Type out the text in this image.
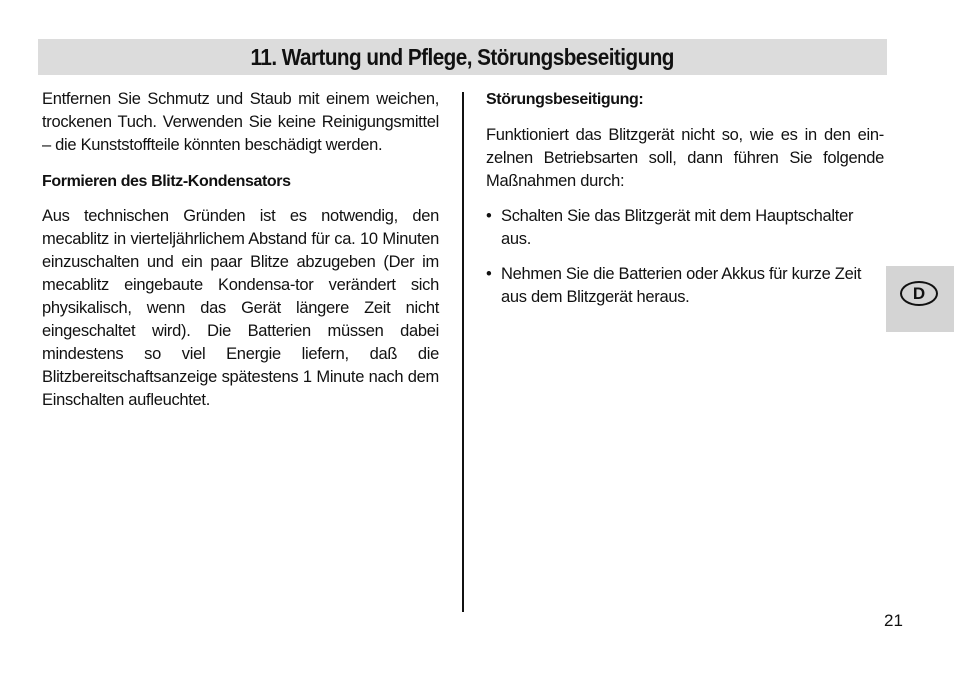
11. Wartung und Pflege, Störungsbeseitigung

Entfernen Sie Schmutz und Staub mit einem weichen, trockenen Tuch. Verwenden Sie keine Reinigungsmittel – die Kunststoffteile könnten beschädigt werden.

Formieren des Blitz-Kondensators

Aus technischen Gründen ist es notwendig, den mecablitz in vierteljährlichem Abstand für ca. 10 Minuten einzuschalten und ein paar Blitze abzugeben (Der im mecablitz eingebaute Kondensa-tor verändert sich physikalisch, wenn das Gerät längere Zeit nicht eingeschaltet wird). Die Batterien müssen dabei mindestens so viel Energie liefern, daß die Blitzbereitschaftsanzeige spätestens 1 Minute nach dem Einschalten aufleuchtet.

Störungsbeseitigung:

Funktioniert das Blitzgerät nicht so, wie es in den ein-zelnen Betriebsarten soll, dann führen Sie folgende Maßnahmen durch:

• Schalten Sie das Blitzgerät mit dem Hauptschalter aus.
• Nehmen Sie die Batterien oder Akkus für kurze Zeit aus dem Blitzgerät heraus.	D
21
